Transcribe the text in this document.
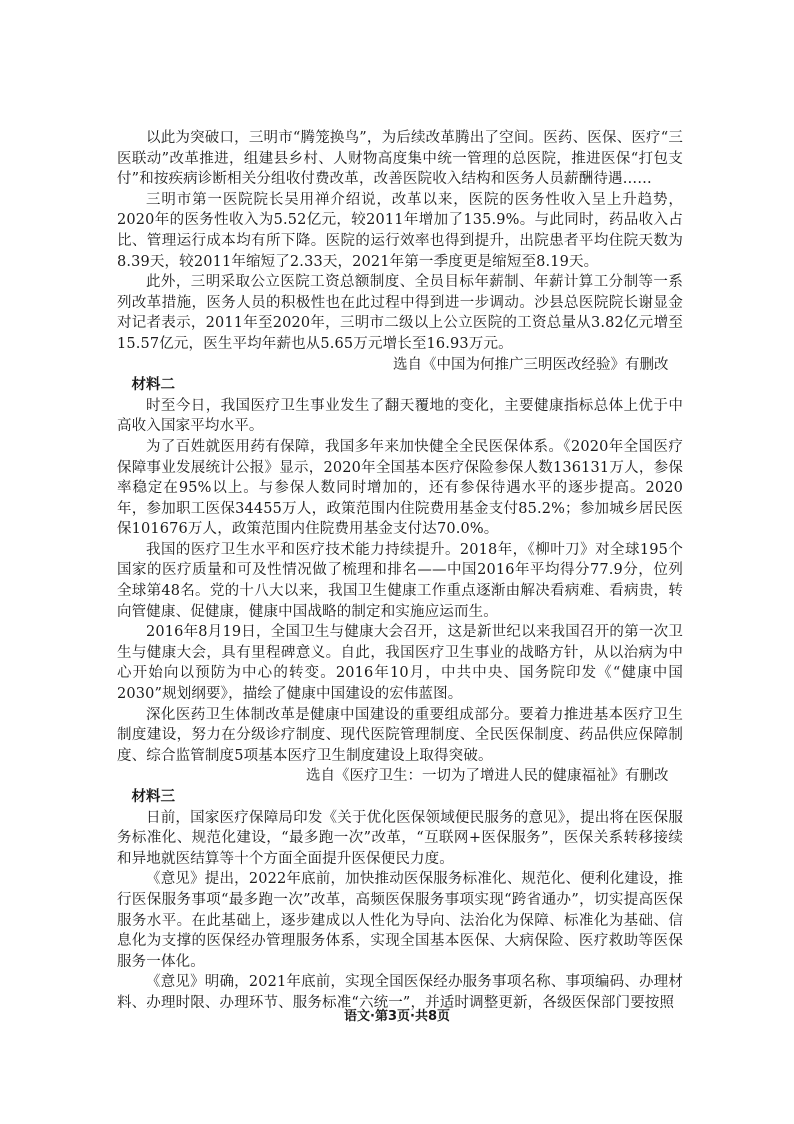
以此为突破口，三明市“腾笼换鸟”，为后续改革腾出了空间。医药、医保、医疗“三医联动”改革推进，组建县乡村、人财物高度集中统一管理的总医院，推进医保“打包支付”和按疾病诊断相关分组收付费改革，改善医院收入结构和医务人员薪酬待遇……

三明市第一医院院长吴用禅介绍说，改革以来，医院的医务性收入呈上升趋势，2020年的医务性收入为5.52亿元，较2011年增加了135.9%。与此同时，药品收入占比、管理运行成本均有所下降。医院的运行效率也得到提升，出院患者平均住院天数为8.39天，较2011年缩短了2.33天，2021年第一季度更是缩短至8.19天。

此外，三明采取公立医院工资总额制度、全员目标年薪制、年薪计算工分制等一系列改革措施，医务人员的积极性也在此过程中得到进一步调动。沙县总医院院长谢显金对记者表示，2011年至2020年，三明市二级以上公立医院的工资总量从3.82亿元增至15.57亿元，医生平均年薪也从5.65万元增长至16.93万元。

选自《中国为何推广三明医改经验》有删改
材料二

时至今日，我国医疗卫生事业发生了翻天覆地的变化，主要健康指标总体上优于中高收入国家平均水平。

为了百姓就医用药有保障，我国多年来加快健全全民医保体系。《2020年全国医疗保障事业发展统计公报》显示，2020年全国基本医疗保险参保人数136131万人，参保率稳定在95%以上。与参保人数同时增加的，还有参保待遇水平的逐步提高。2020年，参加职工医保34455万人，政策范围内住院费用基金支付85.2%；参加城乡居民医保101676万人，政策范围内住院费用基金支付达70.0%。

我国的医疗卫生水平和医疗技术能力持续提升。2018年，《柳叶刀》对全球195个国家的医疗质量和可及性情况做了梳理和排名——中国2016年平均得分77.9分，位列全球第48名。党的十八大以来，我国卫生健康工作重点逐渐由解决看病难、看病贵，转向管健康、促健康，健康中国战略的制定和实施应运而生。

2016年8月19日，全国卫生与健康大会召开，这是新世纪以来我国召开的第一次卫生与健康大会，具有里程碑意义。自此，我国医疗卫生事业的战略方针，从以治病为中心开始向以预防为中心的转变。2016年10月，中共中央、国务院印发《“健康中国2030”规划纲要》，描绘了健康中国建设的宏伟蓝图。

深化医药卫生体制改革是健康中国建设的重要组成部分。要着力推进基本医疗卫生制度建设，努力在分级诊疗制度、现代医院管理制度、全民医保制度、药品供应保障制度、综合监管制度5项基本医疗卫生制度建设上取得突破。

选自《医疗卫生：一切为了增进人民的健康福祉》有删改
材料三

日前，国家医疗保障局印发《关于优化医保领域便民服务的意见》，提出将在医保服务标准化、规范化建设，“最多跑一次”改革，“互联网+医保服务”，医保关系转移接续和异地就医结算等十个方面全面提升医保便民力度。

《意见》提出，2022年底前，加快推动医保服务标准化、规范化、便利化建设，推行医保服务事项“最多跑一次”改革，高频医保服务事项实现“跨省通办”，切实提高医保服务水平。在此基础上，逐步建成以人性化为导向、法治化为保障、标准化为基础、信息化为支撑的医保经办管理服务体系，实现全国基本医保、大病保险、医疗救助等医保服务一体化。

《意见》明确，2021年底前，实现全国医保经办服务事项名称、事项编码、办理材料、办理时限、办理环节、服务标准“六统一”，并适时调整更新，各级医保部门要按照

语文·第3页·共8页
